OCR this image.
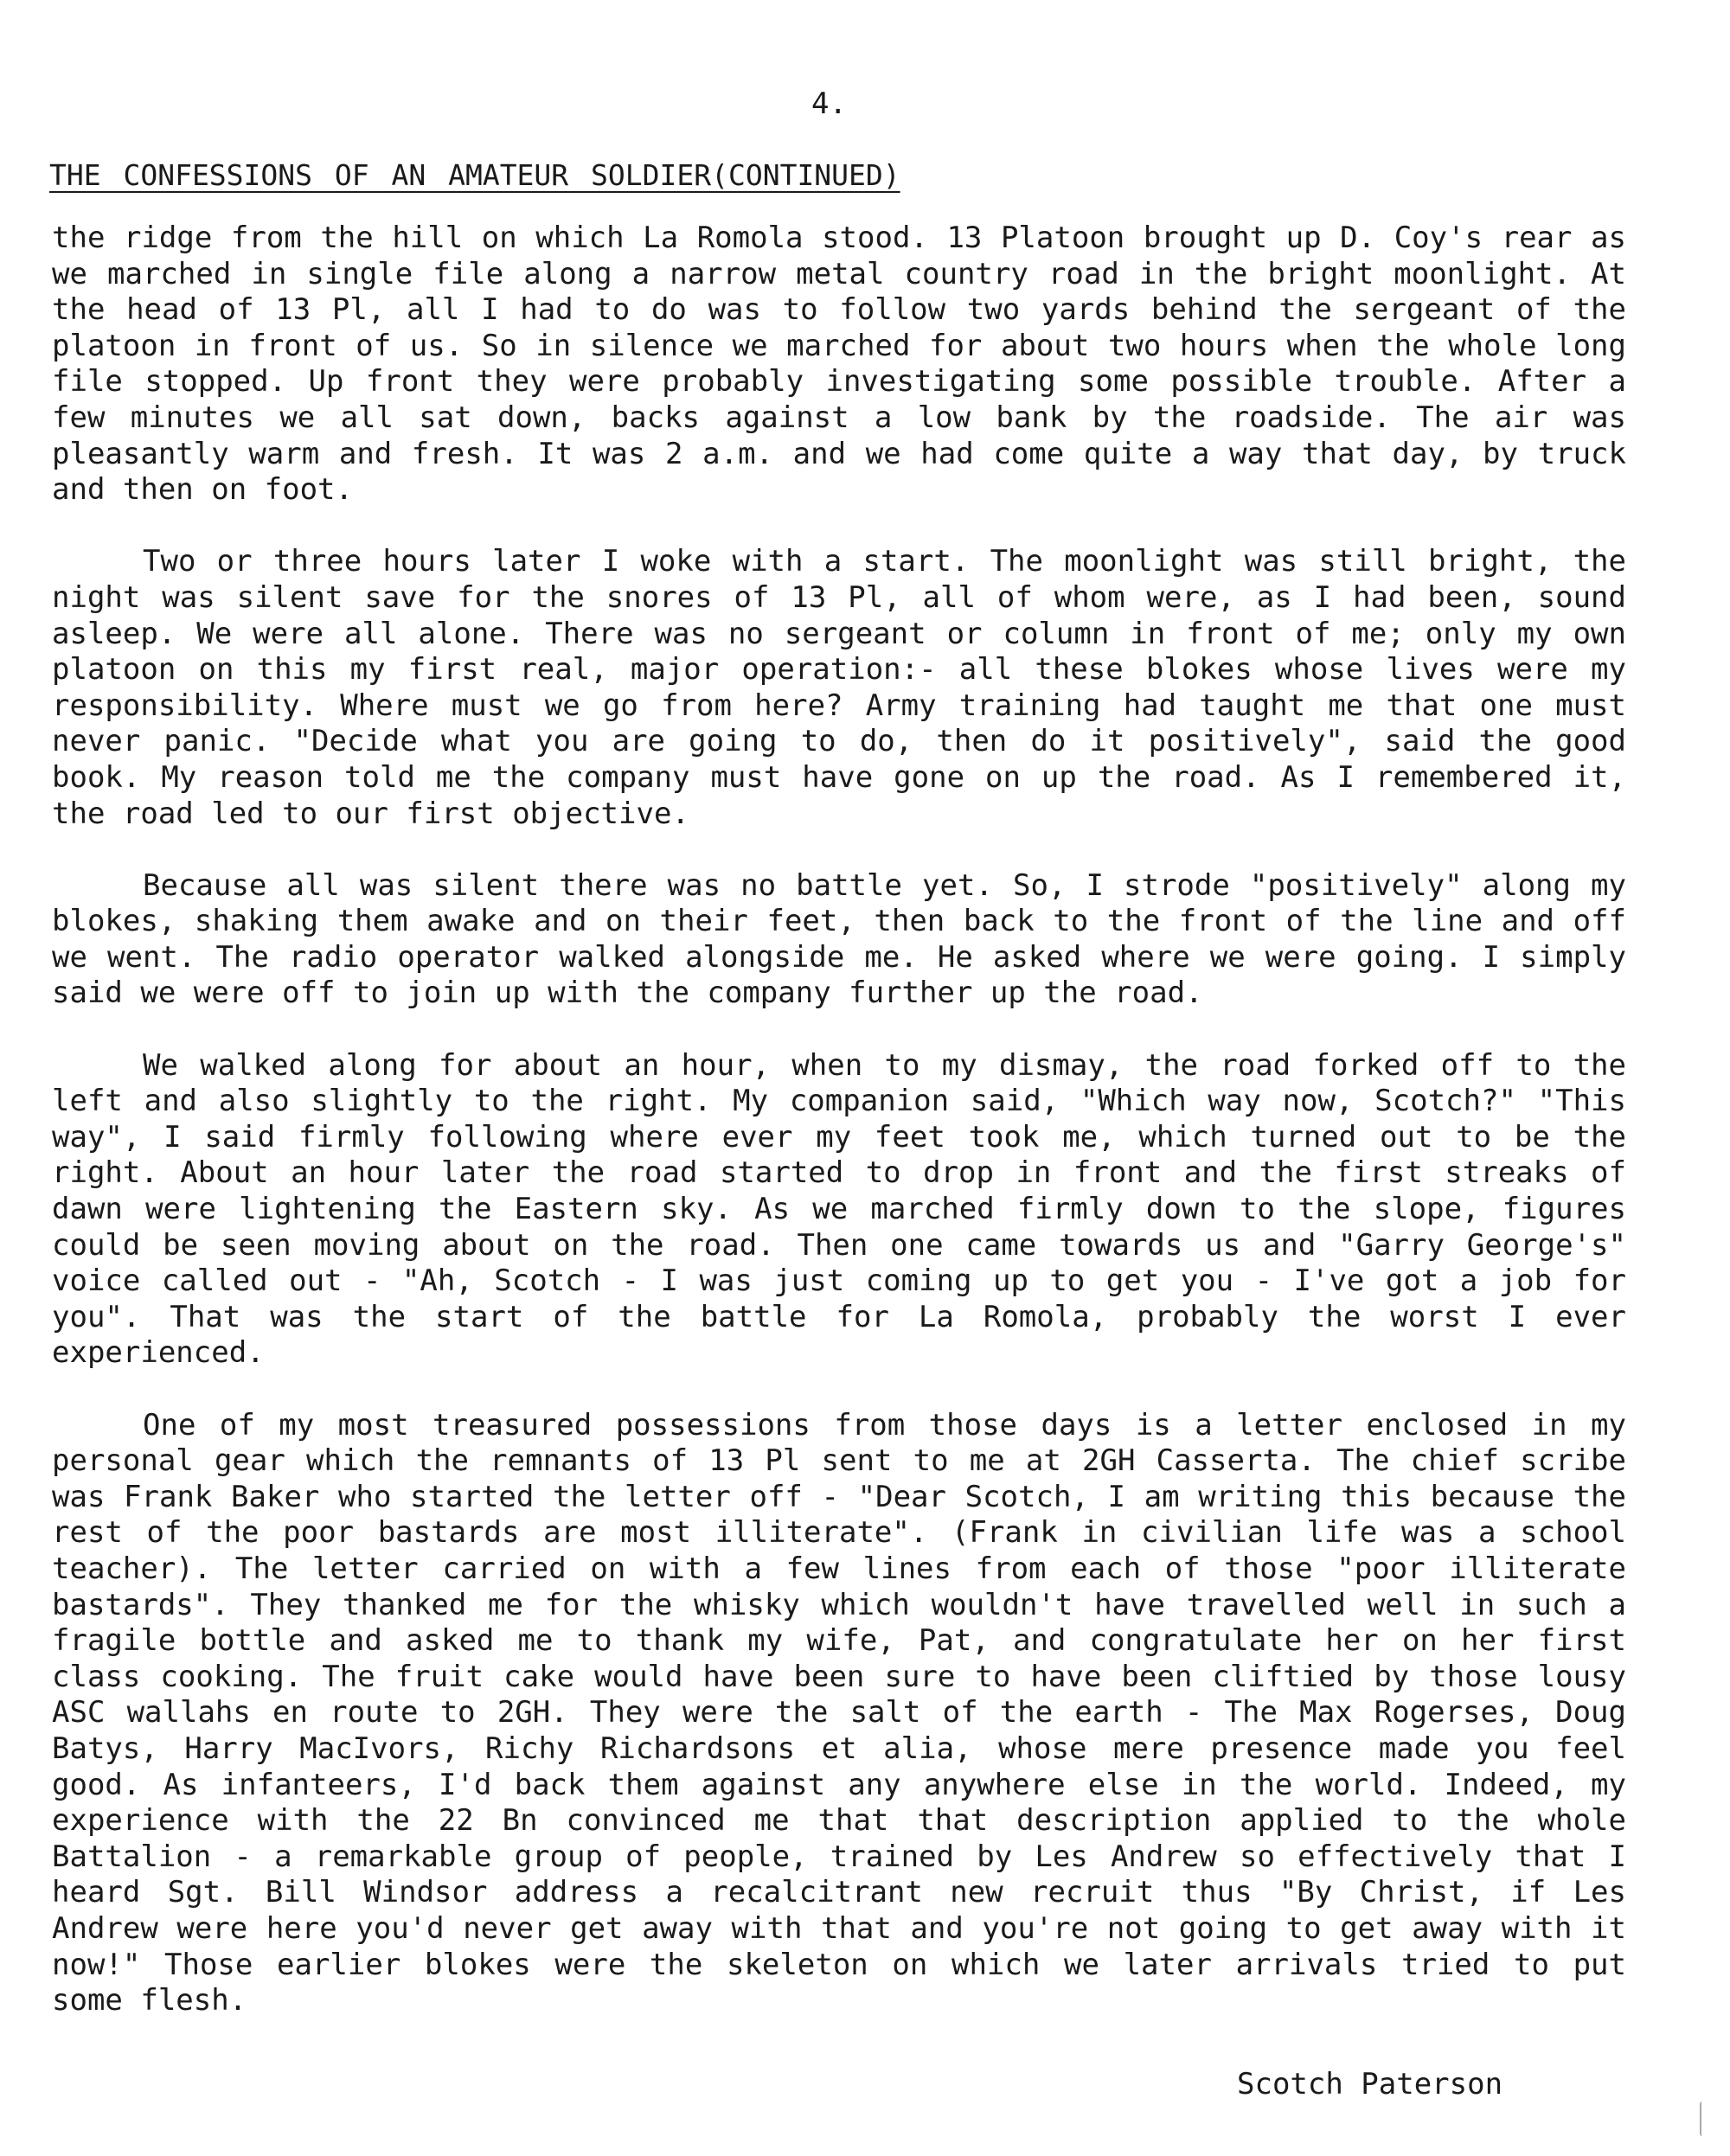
4.
THE CONFESSIONS OF AN AMATEUR SOLDIER(CONTINUED)

the ridge from the hill on which La Romola stood. 13 Platoon brought up D. Coy's rear as we marched in single file along a narrow metal country road in the bright moonlight. At the head of 13 Pl, all I had to do was to follow two yards behind the sergeant of the platoon in front of us. So in silence we marched for about two hours when the whole long file stopped. Up front they were probably investigating some possible trouble. After a few minutes we all sat down, backs against a low bank by the roadside. The air was pleasantly warm and fresh. It was 2 a.m. and we had come quite a way that day, by truck and then on foot.

Two or three hours later I woke with a start. The moonlight was still bright, the night was silent save for the snores of 13 Pl, all of whom were, as I had been, sound asleep. We were all alone. There was no sergeant or column in front of me; only my own platoon on this my first real, major operation:- all these blokes whose lives were my responsibility. Where must we go from here? Army training had taught me that one must never panic. "Decide what you are going to do, then do it positively", said the good book. My reason told me the company must have gone on up the road. As I remembered it, the road led to our first objective.

Because all was silent there was no battle yet. So, I strode "positively" along my blokes, shaking them awake and on their feet, then back to the front of the line and off we went. The radio operator walked alongside me. He asked where we were going. I simply said we were off to join up with the company further up the road.

We walked along for about an hour, when to my dismay, the road forked off to the left and also slightly to the right. My companion said, "Which way now, Scotch?" "This way", I said firmly following where ever my feet took me, which turned out to be the right. About an hour later the road started to drop in front and the first streaks of dawn were lightening the Eastern sky. As we marched firmly down to the slope, figures could be seen moving about on the road. Then one came towards us and "Garry George's" voice called out - "Ah, Scotch - I was just coming up to get you - I've got a job for you". That was the start of the battle for La Romola, probably the worst I ever experienced.

One of my most treasured possessions from those days is a letter enclosed in my personal gear which the remnants of 13 Pl sent to me at 2GH Casserta. The chief scribe was Frank Baker who started the letter off - "Dear Scotch, I am writing this because the rest of the poor bastards are most illiterate". (Frank in civilian life was a school teacher). The letter carried on with a few lines from each of those "poor illiterate bastards". They thanked me for the whisky which wouldn't have travelled well in such a fragile bottle and asked me to thank my wife, Pat, and congratulate her on her first class cooking. The fruit cake would have been sure to have been cliftied by those lousy ASC wallahs en route to 2GH. They were the salt of the earth - The Max Rogerses, Doug Batys, Harry MacIvors, Richy Richardsons et alia, whose mere presence made you feel good. As infanteers, I'd back them against any anywhere else in the world. Indeed, my experience with the 22 Bn convinced me that that description applied to the whole Battalion - a remarkable group of people, trained by Les Andrew so effectively that I heard Sgt. Bill Windsor address a recalcitrant new recruit thus "By Christ, if Les Andrew were here you'd never get away with that and you're not going to get away with it now!" Those earlier blokes were the skeleton on which we later arrivals tried to put some flesh.

Scotch Paterson
